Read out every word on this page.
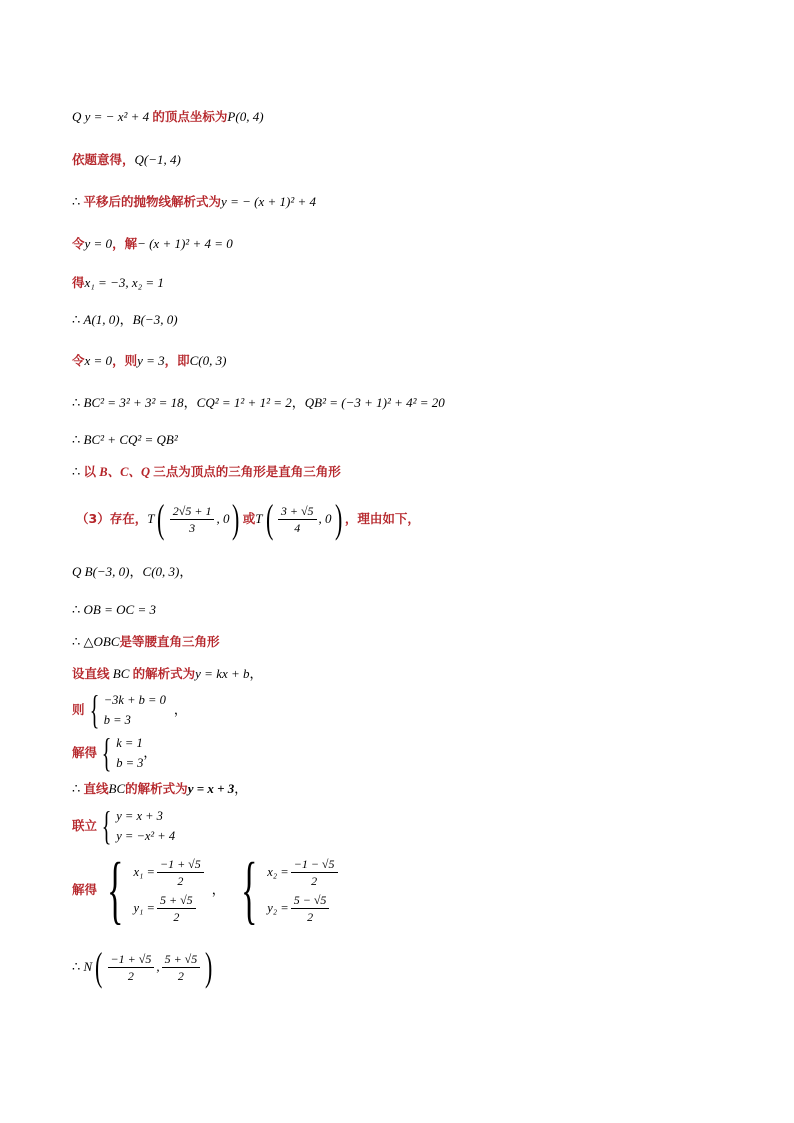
Q
y = − x² + 4
的顶点坐标为 P(0, 4)
依题意得， Q(−1, 4)
∴
平移后的抛物线解析式为 y = − (x + 1)² + 4
令 y = 0 ，解 − (x + 1)² + 4 = 0
得 x₁ = −3, x₂ = 1
∴
A(1, 0) ， B(−3, 0)
令 x = 0 ，则 y = 3 ，即 C(0, 3)
∴
BC² = 3² + 3² = 18 ， CQ² = 1² + 1² = 2 ， QB² = (−3 + 1)² + 4² = 20
∴
BC² + CQ² = QB²
∴
以
B、C、Q
三点为顶点的三角形是直角三角形
（3）存在， T ( $\frac{2√5 + 1}{3}$ , 0 ) 或 T ( $\frac{3 + √5}{4}$ , 0 ) ，理由如下，
Q
B(−3, 0) ， C(0, 3) ，
∴
OB = OC = 3
∴
△OBC 是等腰直角三角形
设直线
BC
的解析式为 y = kx + b ，
则 { −3k + b = 0
b = 3
，
解得 { k = 1
b = 3
，
∴
直线 BC 的解析式为 y = x + 3 ，
联立 { y = x + 3
y = −x² + 4
解得 { $x_1 = \frac{-1 + √5}{2}$
$y_1 = \frac{5 + √5}{2}$
， { $x_2 = \frac{-1 - √5}{2}$
$y_2 = \frac{5 - √5}{2}$
∴
N ( $\frac{-1 + √5}{2}$ , $\frac{5 + √5}{2}$ )
